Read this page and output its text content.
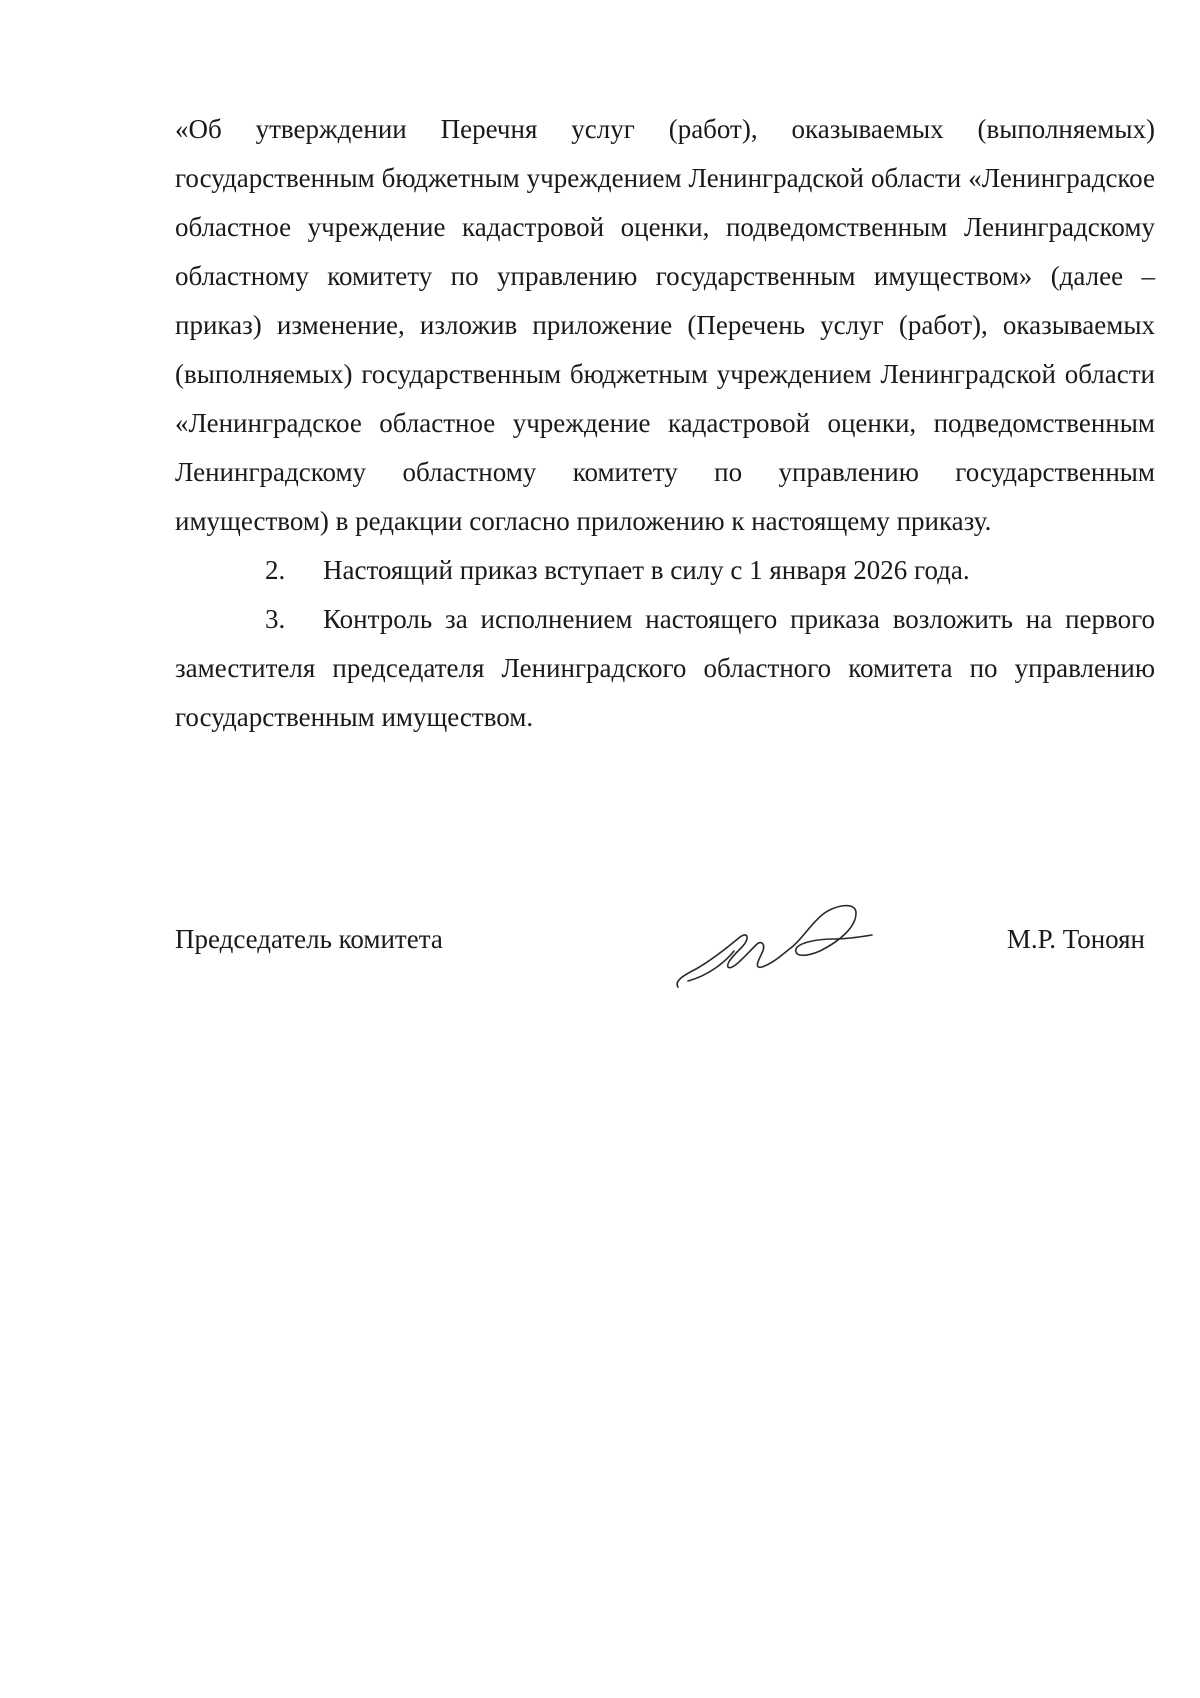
«Об утверждении Перечня услуг (работ), оказываемых (выполняемых) государственным бюджетным учреждением Ленинградской области «Ленинградское областное учреждение кадастровой оценки, подведомственным Ленинградскому областному комитету по управлению государственным имуществом» (далее – приказ) изменение, изложив приложение (Перечень услуг (работ), оказываемых (выполняемых) государственным бюджетным учреждением Ленинградской области «Ленинградское областное учреждение кадастровой оценки, подведомственным Ленинградскому областному комитету по управлению государственным имуществом) в редакции согласно приложению к настоящему приказу.

2. Настоящий приказ вступает в силу с 1 января 2026 года.

3. Контроль за исполнением настоящего приказа возложить на первого заместителя председателя Ленинградского областного комитета по управлению государственным имуществом.

Председатель комитета	М.Р. Тоноян
